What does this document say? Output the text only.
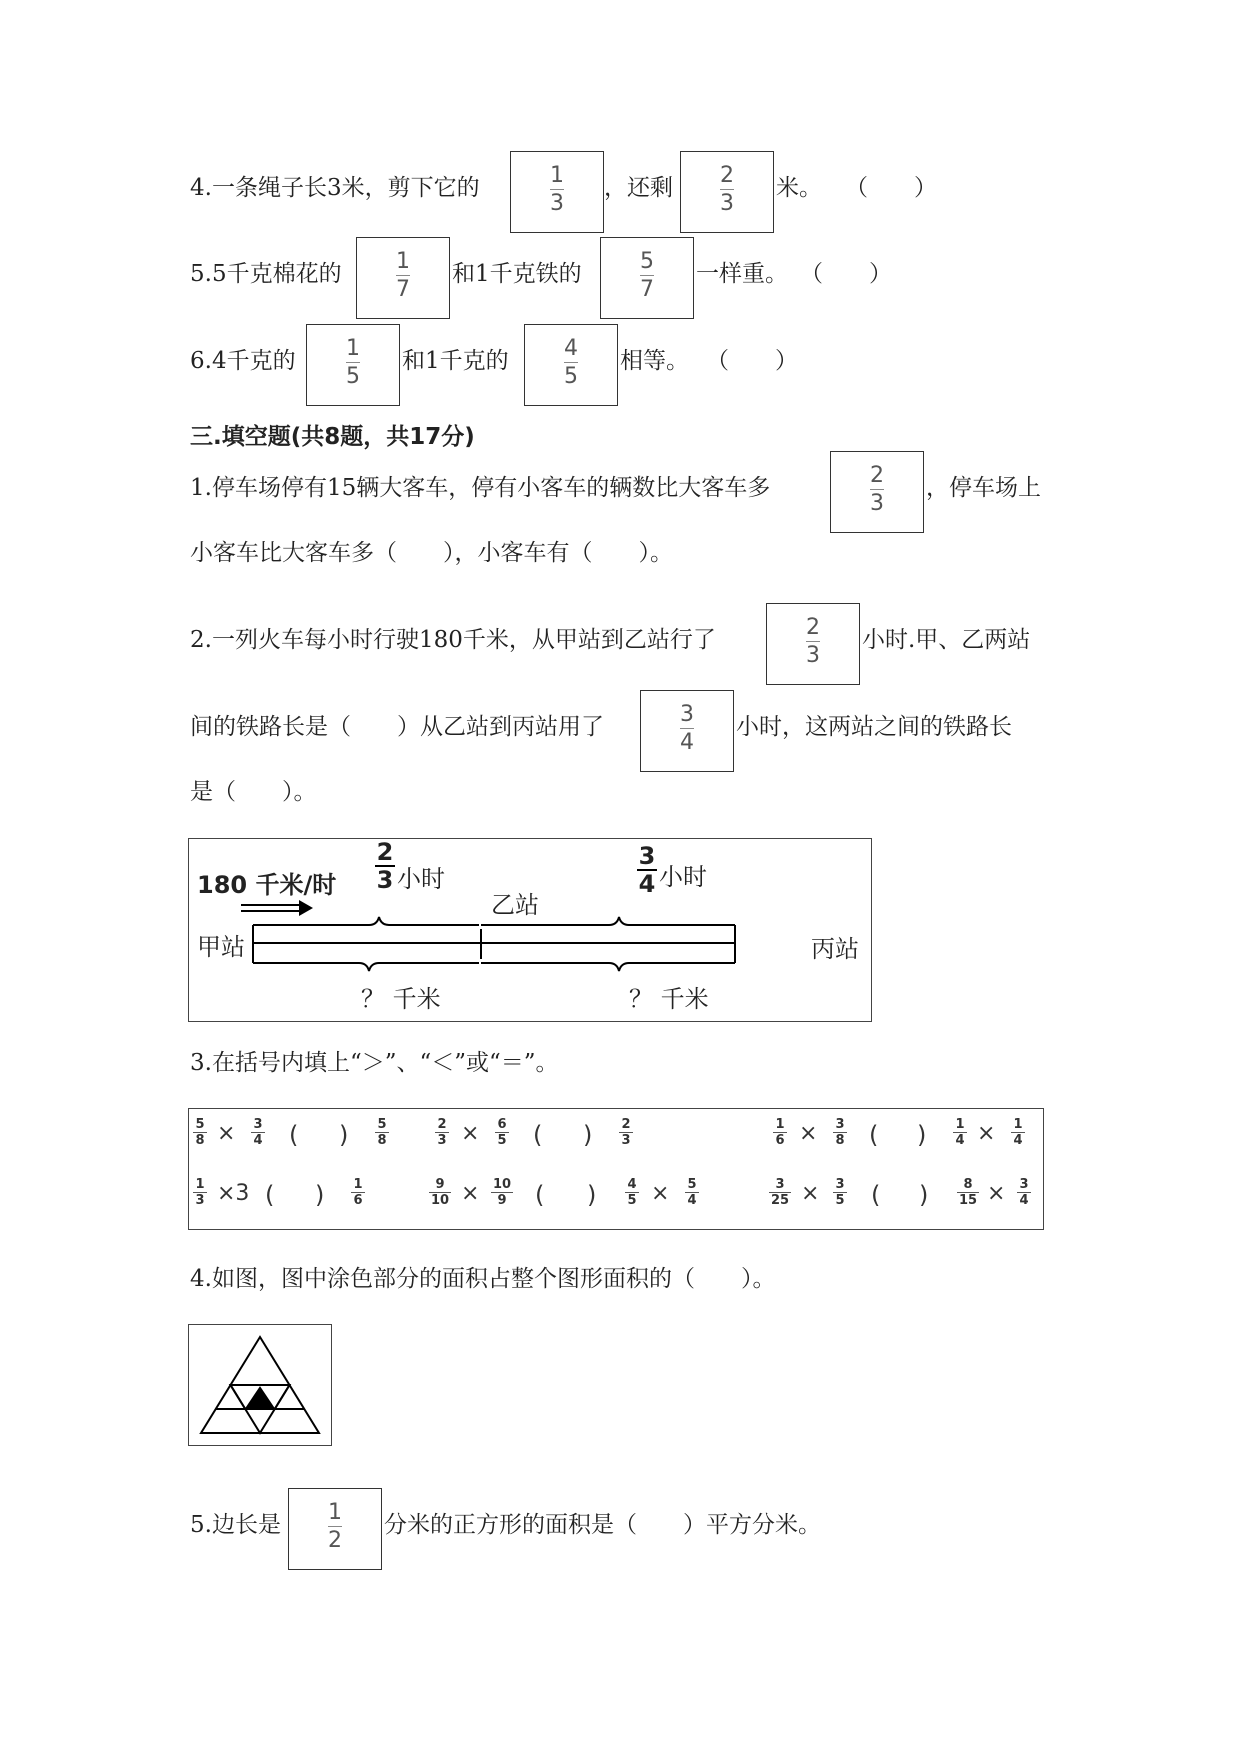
4.一条绳子长3米，剪下它的	1
3
，还剩	2
3
米。 （　　）
5.5千克棉花的	1
7
和1千克铁的	5
7
一样重。 （　　）
6.4千克的	1
5
和1千克的	4
5
相等。 （　　）
三.填空题(共8题，共17分)
1.停车场停有15辆大客车，停有小客车的辆数比大客车多	2
3
，停车场上
小客车比大客车多（　　），小客车有（　　）。
2.一列火车每小时行驶180千米，从甲站到乙站行了	2
3
小时.甲、乙两站
间的铁路长是（　　）从乙站到丙站用了	3
4
小时，这两站之间的铁路长
是（　　）。
180 千米/时
2
3 小时
3
4 小时
甲站
乙站
丙站
？ 千米	？ 千米
3.在括号内填上“＞”、“＜”或“＝”。
5
8 × 3
4 ( ) 5
8
2
3 × 6
5 ( ) 2
3
1
6 × 3
8 ( ) 1
4 × 1
4
1
3 ×3 ( ) 1
6
9
10 × 10
9 ( ) 4
5 × 5
4
3
25 × 3
5 ( )	8
15 × 3
4
4.如图，图中涂色部分的面积占整个图形面积的（　　）。
5.边长是	1
2
分米的正方形的面积是（　　）平方分米。
